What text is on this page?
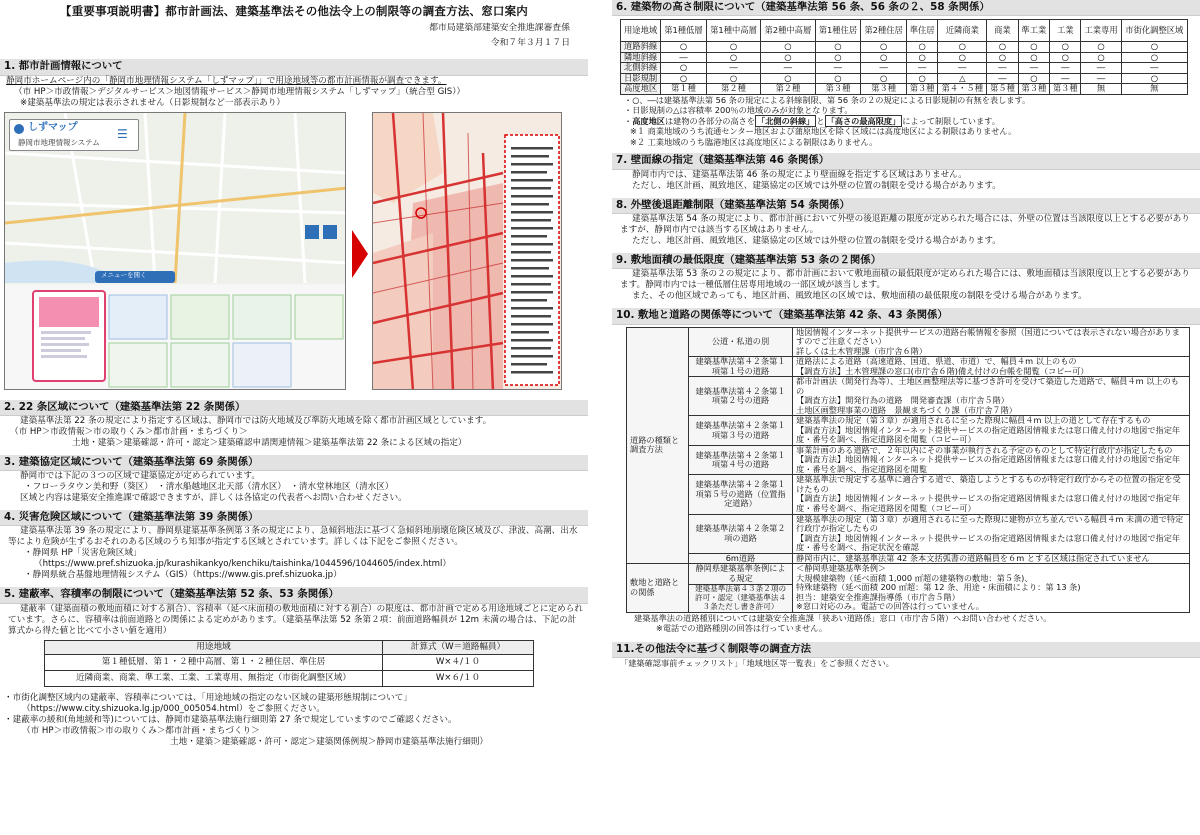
【重要事項説明書】都市計画法、建築基準法その他法令上の制限等の調査方法、窓口案内
都市局建築部建築安全推進課審査係
令和７年３月１７日
1. 都市計画情報について
静岡市ホームページ内の「静岡市地理情報システム「しずマップ」」で用途地域等の都市計画情報が調査できます。
（市 HP＞市政情報＞デジタルサービス＞地図情報サービス＞静岡市地理情報システム「しずマップ」（統合型 GIS））
※建築基準法の規定は表示されません（日影規制など一部表示あり）
しずマップ
静岡市地理情報システム
☰
メニューを開く
2. 22 条区域について（建築基準法第 22 条関係）
建築基準法第 22 条の規定により指定する区域は、静岡市では防火地域及び準防火地域を除く都市計画区域としています。
（市 HP＞市政情報＞市の取りくみ＞都市計画・まちづくり＞
土地・建築＞建築確認・許可・認定＞建築確認申請関連情報＞建築基準法第 22 条による区域の指定）
3. 建築協定区域について（建築基準法第 69 条関係）
静岡市では下記の３つの区域で建築協定が定められています。
・フローラタウン美和野（葵区）　・清水船越地区北天部（清水区）　・清水堂林地区（清水区）
区域と内容は建築安全推進課で確認できますが、詳しくは各協定の代表者へお問い合わせください。
4. 災害危険区域について（建築基準法第 39 条関係）
建築基準法第 39 条の規定により、静岡県建築基準条例第３条の規定により、急傾斜地法に基づく急傾斜地崩壊危険区域及び、津波、高潮、出水等により危険が生ずるおそれのある区域のうち知事が指定する区域とされています。詳しくは下記をご参照ください。
・静岡県 HP「災害危険区域」
（https://www.pref.shizuoka.jp/kurashikankyo/kenchiku/taishinka/1044596/1044605/index.html）
・静岡県統合基盤地理情報システム（GIS）（https://www.gis.pref.shizuoka.jp）
5. 建蔽率、容積率の制限について（建築基準法第 52 条、53 条関係）
建蔽率（建築面積の敷地面積に対する割合）、容積率（延べ床面積の敷地面積に対する割合）の限度は、都市計画で定める用途地域ごとに定められています。さらに、容積率は前面道路との関係による定めがあります。（建築基準法第 52 条第２項：前面道路幅員が 12m 未満の場合は、下記の計算式から得た値と比べて小さい値を適用）
用途地域	計算式（W＝道路幅員）
第１種低層、第１・２種中高層、第１・２種住居、準住居	W×４/１０
近隣商業、商業、準工業、工業、工業専用、無指定（市街化調整区域）	W×６/１０
・市街化調整区域内の建蔽率、容積率については、「用途地域の指定のない区域の建築形態規制について」
（https://www.city.shizuoka.lg.jp/000_005054.html）をご参照ください。
・建蔽率の緩和(角地緩和等)については、静岡市建築基準法施行細則第 27 条で規定していますのでご確認ください。
（市 HP＞市政情報＞市の取りくみ＞都市計画・まちづくり＞
土地・建築＞建築確認・許可・認定＞建築関係例規＞静岡市建築基準法施行細則）
6. 建築物の高さ制限について（建築基準法第 56 条、56 条の２、58 条関係）
用途地域	第1種低層	第1種中高層	第2種中高層	第1種住居	第2種住居	準住居	近隣商業	商業	準工業	工業	工業専用	市街化調整区域
道路斜線	○	○	○	○	○	○	○	○	○	○	○	○
隣地斜線	―	○	○	○	○	○	○	○	○	○	○	○
北側斜線	○	―	―	―	―	―	―	―	―	―	―	―
日影規制	○	○	○	○	○	○	△	―	○	―	―	○
高度地区	第１種	第２種	第２種	第３種	第３種	第３種	第４・５種	第５種	第３種	第３種	無	無
・○、―は建築基準法第 56 条の規定による斜線制限、第 56 条の２の規定による日影規制の有無を表します。
・日影規制の△は容積率 200％の地域のみが対象となります。
・高度地区は建物の各部分の高さを 「北側の斜線」 と 「高さの最高限度」 によって制限しています。
※１ 商業地域のうち流通センター地区および蒲原地区を除く区域には高度地区による制限はありません。
※２ 工業地域のうち臨港地区は高度地区による制限はありません。
7. 壁面線の指定（建築基準法第 46 条関係）
静岡市内では、建築基準法第 46 条の規定により壁面線を指定する区域はありません。
ただし、地区計画、風致地区、建築協定の区域では外壁の位置の制限を受ける場合があります。
8. 外壁後退距離制限（建築基準法第 54 条関係）
建築基準法第 54 条の規定により、都市計画において外壁の後退距離の限度が定められた場合には、外壁の位置は当該限度以上とする必要がありますが、静岡市内では該当する区域はありません。
ただし、地区計画、風致地区、建築協定の区域では外壁の位置の制限を受ける場合があります。
9. 敷地面積の最低限度（建築基準法第 53 条の２関係）
建築基準法第 53 条の２の規定により、都市計画において敷地面積の最低限度が定められた場合には、敷地面積は当該限度以上とする必要があります。静岡市内では一種低層住居専用地域の一部区域が該当します。
また、その他区域であっても、地区計画、風致地区の区域では、敷地面積の最低限度の制限を受ける場合があります。
10. 敷地と道路の関係等について（建築基準法第 42 条、43 条関係）
道路の種類と調査方法	公道・私道の別	地図情報インターネット提供サービスの道路台帳情報を参照（国道については表示されない場合がありますのでご注意ください）
詳しくは土木管理課（市庁舎６階）
	建築基準法第４２条第１項第１号の道路	道路法による道路（高速道路、国道、県道、市道）で、幅員４m 以上のもの
【調査方法】土木管理課の窓口(市庁舎６階)備え付けの台帳を閲覧（コピー可）
	建築基準法第４２条第１項第２号の道路	都市計画法（開発行為等）、土地区画整理法等に基づき許可を受けて築造した道路で、幅員４m 以上のもの
【調査方法】開発行為の道路　開発審査課（市庁舎５階）
土地区画整理事業の道路　景観まちづくり課（市庁舎７階）
	建築基準法第４２条第１項第３号の道路	建築基準法の規定（第３章）が適用されるに至った際現に幅員４m 以上の道として存在するもの
【調査方法】地図情報インターネット提供サービスの指定道路図情報または窓口備え付けの地図で指定年度・番号を調べ、指定道路図を閲覧（コピー可）
	建築基準法第４２条第１項第４号の道路	事業計画のある道路で、２年以内にその事業が執行される予定のものとして特定行政庁が指定したもの
【調査方法】地図情報インターネット提供サービスの指定道路図情報または窓口備え付けの地図で指定年度・番号を調べ、指定道路図を閲覧
	建築基準法第４２条第１項第５号の道路（位置指定道路）	建築基準法で規定する基準に適合する道で、築造しようとするものが特定行政庁からその位置の指定を受けたもの
【調査方法】地図情報インターネット提供サービスの指定道路図情報または窓口備え付けの地図で指定年度・番号を調べ、指定道路図を閲覧（コピー可）
	建築基準法第４２条第２項の道路	建築基準法の規定（第３章）が適用されるに至った際現に建物が立ち並んでいる幅員４m 未満の道で特定行政庁が指定したもの
【調査方法】地図情報インターネット提供サービスの指定道路図情報または窓口備え付けの地図で指定年度・番号を調べ、指定状況を確認
	6m道路	静岡市内に、建築基準法第 42 条本文括弧書の道路幅員を６m とする区域は指定されていません
敷地と道路との関係	静岡県建築基準条例による規定	＜静岡県建築基準条例＞
大規模建築物（延べ面積 1,000 ㎡超の建築物の敷地：第５条)、
特殊建築物（延べ面積 200 ㎡超：第 12 条、用途・床面積により：第 13 条)
担当：建築安全推進課指導係（市庁舎５階）
※窓口対応のみ。電話での回答は行っていません。
	建築基準法第４３条２項の許可・認定（建築基準法４３条ただし書き許可）	
建築基準法の道路種別については建築安全推進課「狭あい道路係」窓口（市庁舎５階）へお問い合わせください。
※電話での道路種別の回答は行っていません。
11.その他法令に基づく制限等の調査方法
「建築確認事前チェックリスト」「地域地区等一覧表」をご参照ください。
